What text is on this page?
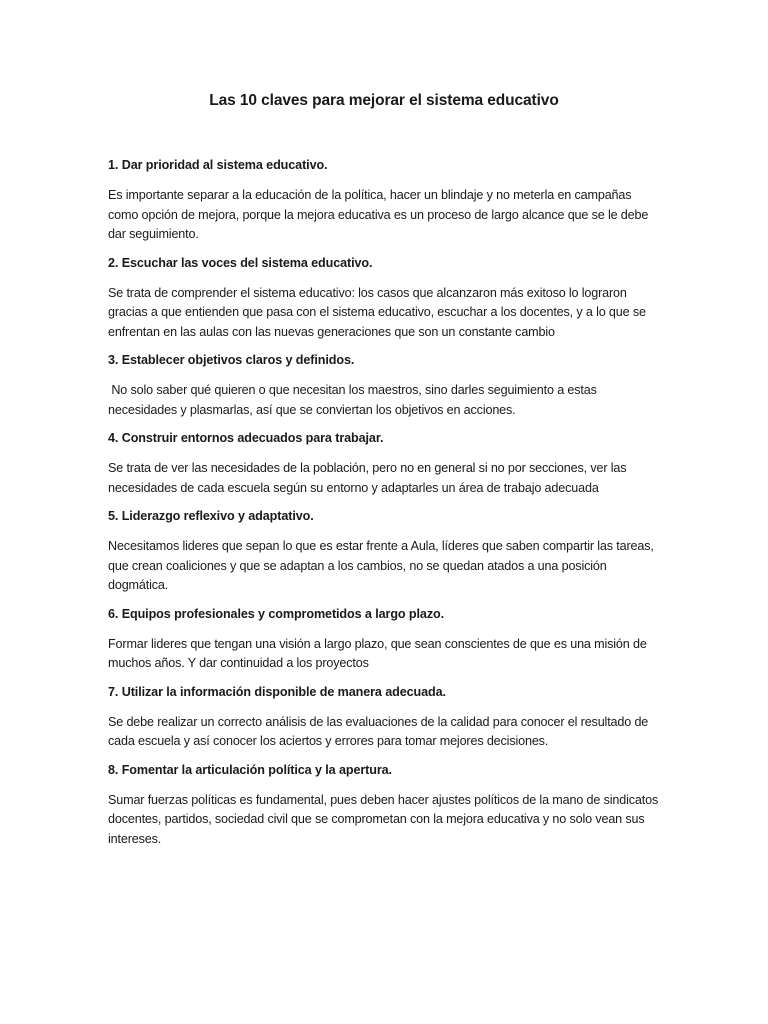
Las 10 claves para mejorar el sistema educativo
1. Dar prioridad al sistema educativo.

Es importante separar a la educación de la política, hacer un blindaje y no meterla en campañas como opción de mejora, porque la mejora educativa es un proceso de largo alcance que se le debe dar seguimiento.

2. Escuchar las voces del sistema educativo.

Se trata de comprender el sistema educativo: los casos que alcanzaron más exitoso lo lograron gracias a que entienden que pasa con el sistema educativo, escuchar a los docentes, y a lo que se enfrentan en las aulas con las nuevas generaciones que son un constante cambio

3. Establecer objetivos claros y definidos.

No solo saber qué quieren o que necesitan los maestros, sino darles seguimiento a estas necesidades y plasmarlas, así que se conviertan los objetivos en acciones.

4. Construir entornos adecuados para trabajar.

Se trata de ver las necesidades de la población, pero no en general si no por secciones, ver las necesidades de cada escuela según su entorno y adaptarles un área de trabajo adecuada

5. Liderazgo reflexivo y adaptativo.

Necesitamos lideres que sepan lo que es estar frente a Aula, líderes que saben compartir las tareas, que crean coaliciones y que se adaptan a los cambios, no se quedan atados a una posición dogmática.

6. Equipos profesionales y comprometidos a largo plazo.

Formar lideres que tengan una visión a largo plazo, que sean conscientes de que es una misión de muchos años. Y dar continuidad a los proyectos

7. Utilizar la información disponible de manera adecuada.

Se debe realizar un correcto análisis de las evaluaciones de la calidad para conocer el resultado de cada escuela y así conocer los aciertos y errores para tomar mejores decisiones.

8. Fomentar la articulación política y la apertura.

Sumar fuerzas políticas es fundamental, pues deben hacer ajustes políticos de la mano de sindicatos docentes, partidos, sociedad civil que se comprometan con la mejora educativa y no solo vean sus intereses.
